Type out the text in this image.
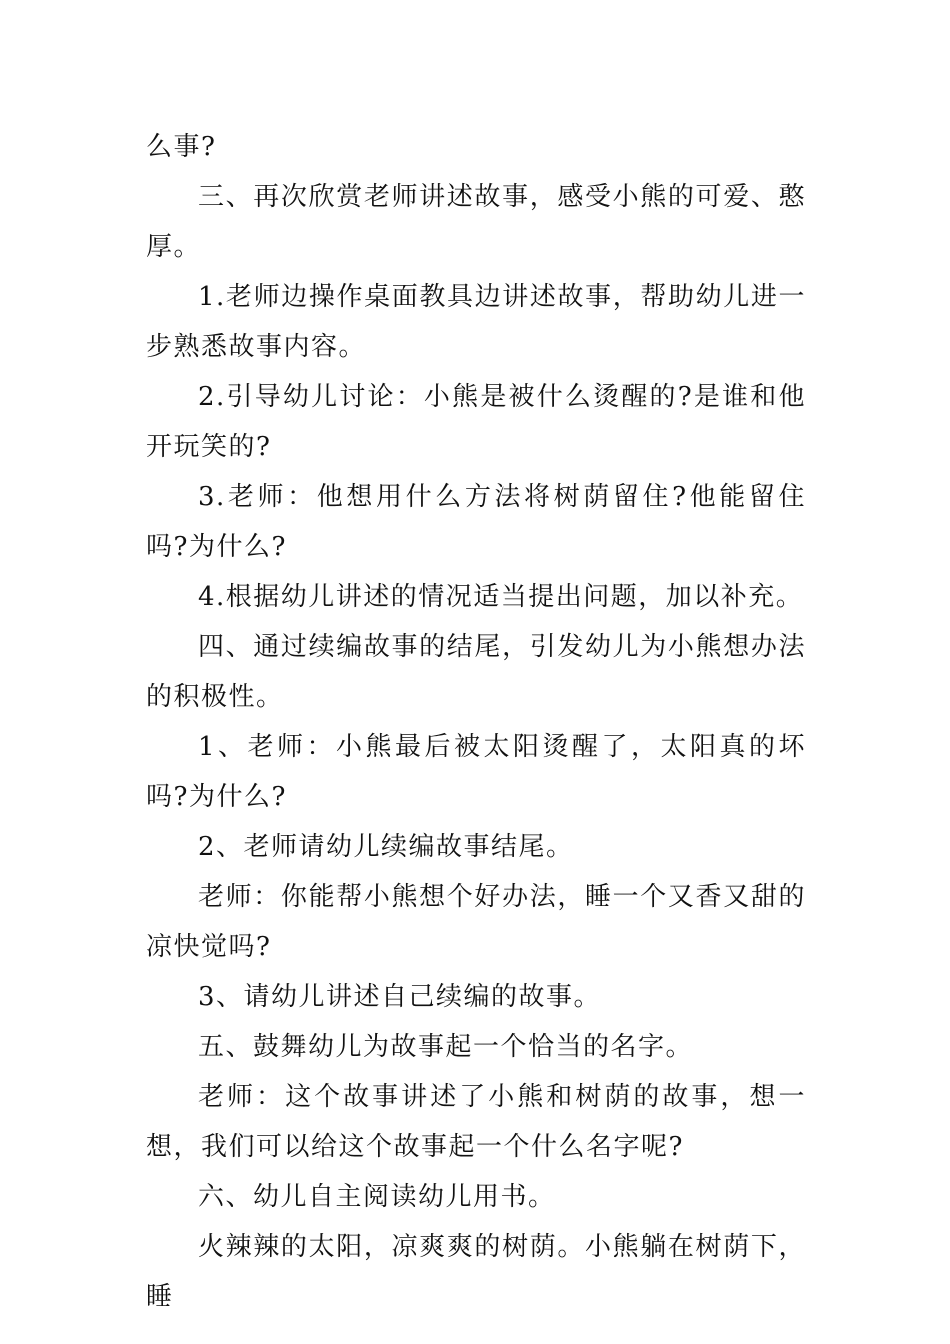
么事?

三、再次欣赏老师讲述故事，感受小熊的可爱、憨厚。

1.老师边操作桌面教具边讲述故事，帮助幼儿进一步熟悉故事内容。

2.引导幼儿讨论：小熊是被什么烫醒的?是谁和他开玩笑的?

3.老师：他想用什么方法将树荫留住?他能留住吗?为什么?

4.根据幼儿讲述的情况适当提出问题，加以补充。

四、通过续编故事的结尾，引发幼儿为小熊想办法的积极性。

1、老师：小熊最后被太阳烫醒了，太阳真的坏吗?为什么?

2、老师请幼儿续编故事结尾。

老师：你能帮小熊想个好办法，睡一个又香又甜的凉快觉吗?

3、请幼儿讲述自己续编的故事。

五、鼓舞幼儿为故事起一个恰当的名字。

老师：这个故事讲述了小熊和树荫的故事，想一想，我们可以给这个故事起一个什么名字呢?

六、幼儿自主阅读幼儿用书。

火辣辣的太阳，凉爽爽的树荫。小熊躺在树荫下，睡
